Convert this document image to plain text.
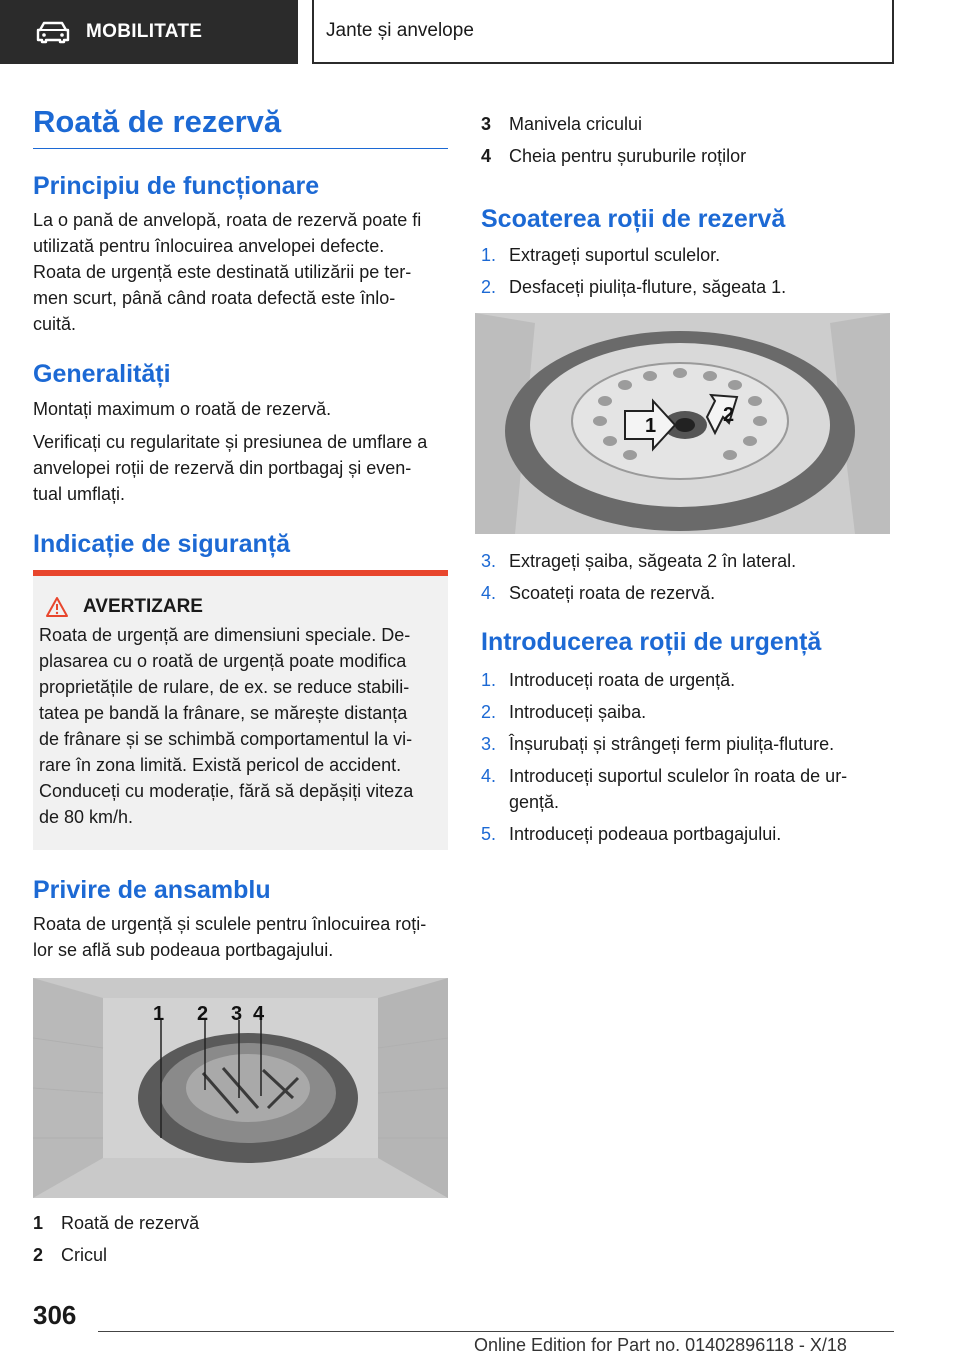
MOBILITATE	Jante și anvelope
Roată de rezervă
Principiu de funcționare

La o pană de anvelopă, roata de rezervă poate fi
utilizată pentru înlocuirea anvelopei defecte.
Roata de urgență este destinată utilizării pe ter-
men scurt, până când roata defectă este înlo-
cuită.

Generalități

Montați maximum o roată de rezervă.

Verificați cu regularitate și presiunea de umflare a
anvelopei roții de rezervă din portbagaj și even-
tual umflați.

Indicație de siguranță
AVERTIZARE
Roata de urgență are dimensiuni speciale. De-
plasarea cu o roată de urgență poate modifica
proprietățile de rulare, de ex. se reduce stabili-
tatea pe bandă la frânare, se mărește distanța
de frânare și se schimbă comportamentul la vi-
rare în zona limită. Există pericol de accident.
Conduceți cu moderație, fără să depășiți viteza
de 80 km/h.
Privire de ansamblu

Roata de urgență și sculele pentru înlocuirea roți-
lor se află sub podeaua portbagajului.

1 2 3 4
1 Roată de rezervă
2 Cricul
3 Manivela cricului
4 Cheia pentru șuruburile roților
Scoaterea roții de rezervă
1. Extrageți suportul sculelor.
2. Desfaceți piulița-fluture, săgeata 1.
1	2
3. Extrageți șaiba, săgeata 2 în lateral.
4. Scoateți roata de rezervă.
Introducerea roții de urgență
1. Introduceți roata de urgență.
2. Introduceți șaiba.
3. Înșurubați și strângeți ferm piulița-fluture.
4. Introduceți suportul sculelor în roata de ur-
gență.
5. Introduceți podeaua portbagajului.
306
Online Edition for Part no. 01402896118 - X/18
